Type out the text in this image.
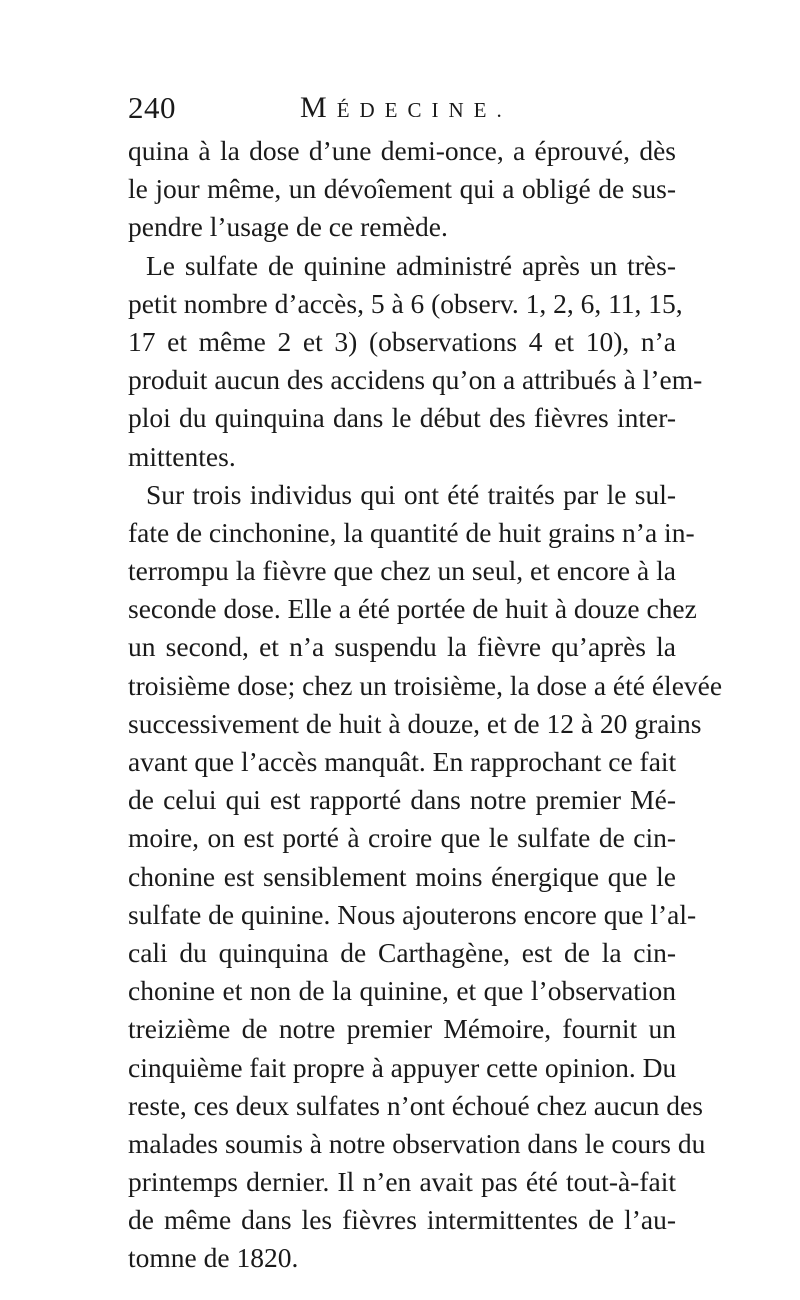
240	MÉDECINE.
quina à la dose d’une demi-once, a éprouvé, dès
le jour même, un dévoîement qui a obligé de sus-
pendre l’usage de ce remède.
Le sulfate de quinine administré après un très-
petit nombre d’accès, 5 à 6 (observ. 1, 2, 6, 11, 15,
17 et même 2 et 3) (observations 4 et 10), n’a
produit aucun des accidens qu’on a attribués à l’em-
ploi du quinquina dans le début des fièvres inter-
mittentes.
Sur trois individus qui ont été traités par le sul-
fate de cinchonine, la quantité de huit grains n’a in-
terrompu la fièvre que chez un seul, et encore à la
seconde dose. Elle a été portée de huit à douze chez
un second, et n’a suspendu la fièvre qu’après la
troisième dose; chez un troisième, la dose a été élevée
successivement de huit à douze, et de 12 à 20 grains
avant que l’accès manquât. En rapprochant ce fait
de celui qui est rapporté dans notre premier Mé-
moire, on est porté à croire que le sulfate de cin-
chonine est sensiblement moins énergique que le
sulfate de quinine. Nous ajouterons encore que l’al-
cali du quinquina de Carthagène, est de la cin-
chonine et non de la quinine, et que l’observation
treizième de notre premier Mémoire, fournit un
cinquième fait propre à appuyer cette opinion. Du
reste, ces deux sulfates n’ont échoué chez aucun des
malades soumis à notre observation dans le cours du
printemps dernier. Il n’en avait pas été tout-à-fait
de même dans les fièvres intermittentes de l’au-
tomne de 1820.
